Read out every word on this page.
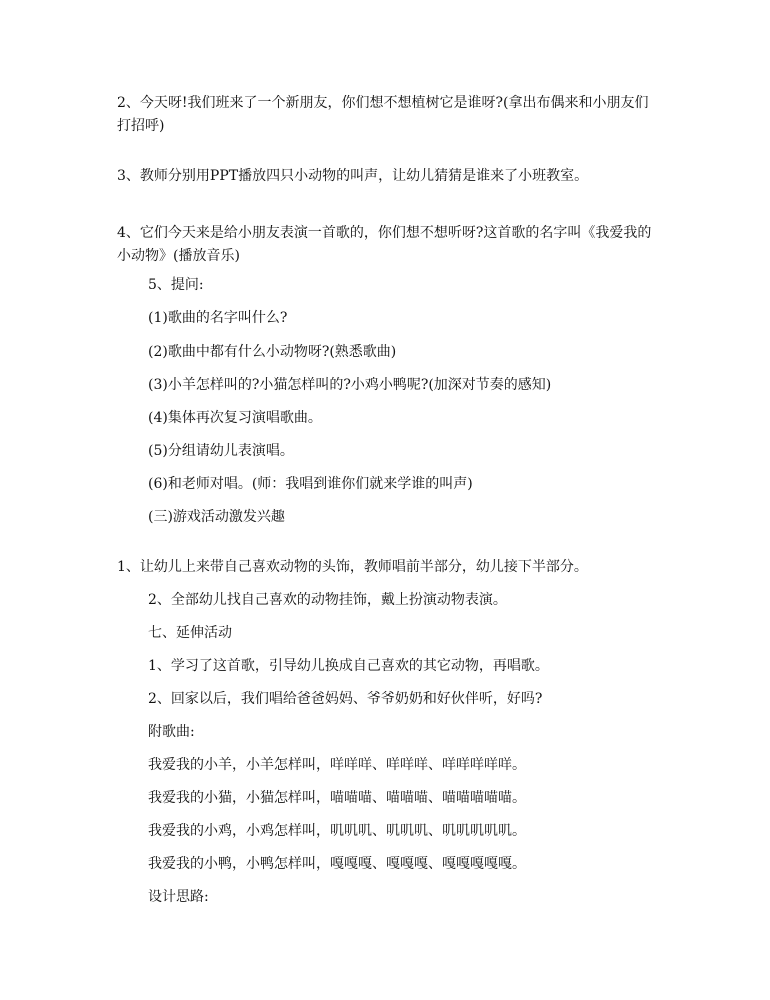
2、今天呀!我们班来了一个新朋友，你们想不想植树它是谁呀?(拿出布偶来和小朋友们打招呼)

3、教师分别用PPT播放四只小动物的叫声，让幼儿猜猜是谁来了小班教室。

4、它们今天来是给小朋友表演一首歌的，你们想不想听呀?这首歌的名字叫《我爱我的小动物》(播放音乐)

5、提问:

(1)歌曲的名字叫什么?

(2)歌曲中都有什么小动物呀?(熟悉歌曲)

(3)小羊怎样叫的?小猫怎样叫的?小鸡小鸭呢?(加深对节奏的感知)

(4)集体再次复习演唱歌曲。

(5)分组请幼儿表演唱。

(6)和老师对唱。(师：我唱到谁你们就来学谁的叫声)

(三)游戏活动激发兴趣

1、让幼儿上来带自己喜欢动物的头饰，教师唱前半部分，幼儿接下半部分。

2、全部幼儿找自己喜欢的动物挂饰，戴上扮演动物表演。

七、延伸活动

1、学习了这首歌，引导幼儿换成自己喜欢的其它动物，再唱歌。

2、回家以后，我们唱给爸爸妈妈、爷爷奶奶和好伙伴听，好吗?

附歌曲:

我爱我的小羊，小羊怎样叫，咩咩咩、咩咩咩、咩咩咩咩咩。

我爱我的小猫，小猫怎样叫，喵喵喵、喵喵喵、喵喵喵喵喵。

我爱我的小鸡，小鸡怎样叫，叽叽叽、叽叽叽、叽叽叽叽叽。

我爱我的小鸭，小鸭怎样叫，嘎嘎嘎、嘎嘎嘎、嘎嘎嘎嘎嘎。

设计思路:
